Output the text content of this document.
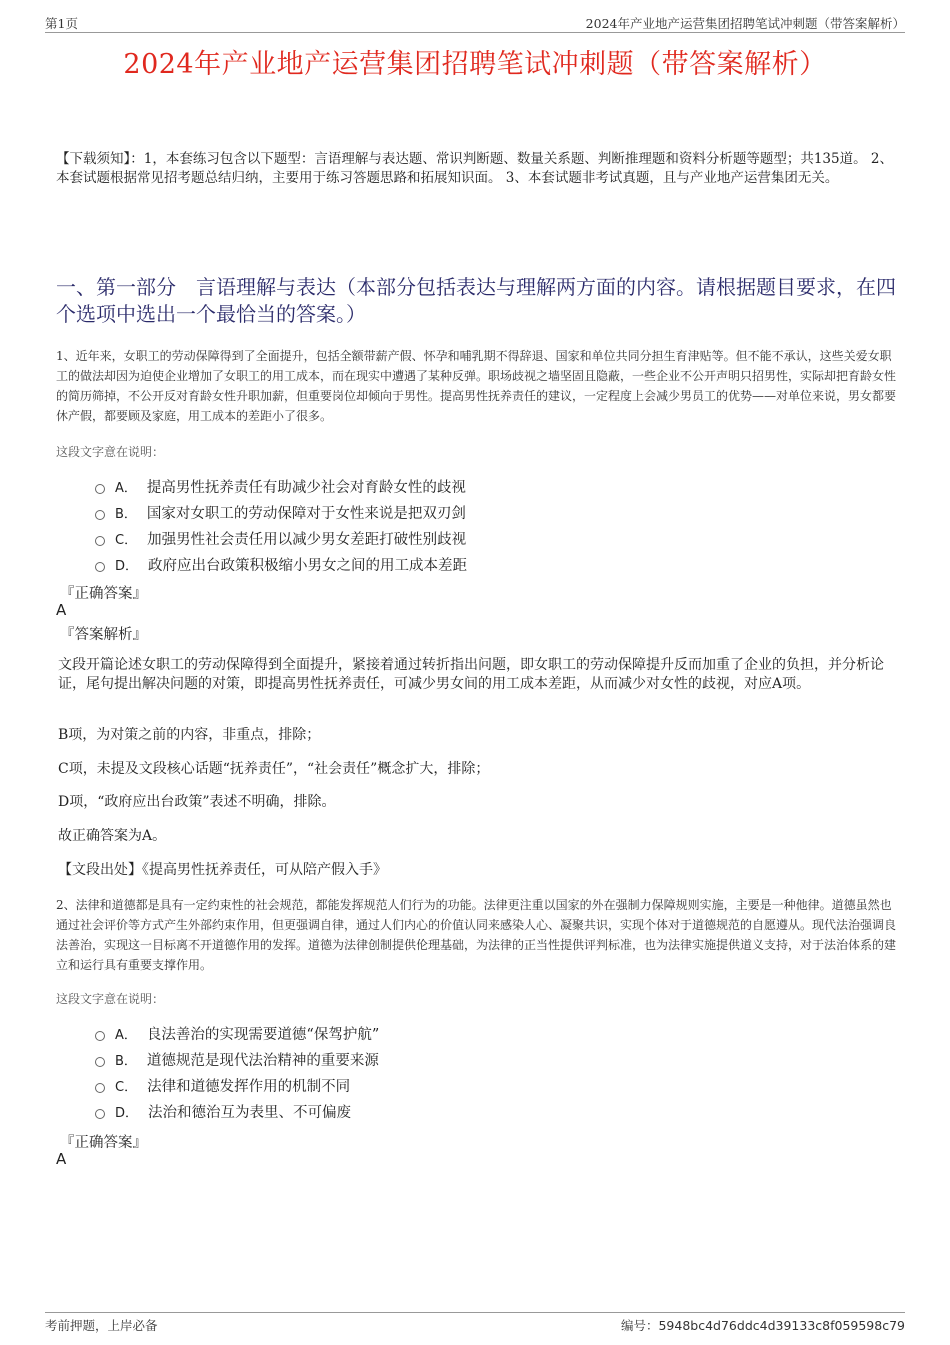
第1页	2024年产业地产运营集团招聘笔试冲刺题（带答案解析）
2024年产业地产运营集团招聘笔试冲刺题（带答案解析）
【下载须知】：1，本套练习包含以下题型：言语理解与表达题、常识判断题、数量关系题、判断推理题和资料分析题等题型；共135道。 2、本套试题根据常见招考题总结归纳，主要用于练习答题思路和拓展知识面。 3、本套试题非考试真题，且与产业地产运营集团无关。
一、第一部分　言语理解与表达（本部分包括表达与理解两方面的内容。请根据题目要求，在四个选项中选出一个最恰当的答案。）
1、近年来，女职工的劳动保障得到了全面提升，包括全额带薪产假、怀孕和哺乳期不得辞退、国家和单位共同分担生育津贴等。但不能不承认，这些关爱女职工的做法却因为迫使企业增加了女职工的用工成本，而在现实中遭遇了某种反弹。职场歧视之墙坚固且隐蔽，一些企业不公开声明只招男性，实际却把育龄女性的简历筛掉，不公开反对育龄女性升职加薪，但重要岗位却倾向于男性。提高男性抚养责任的建议，一定程度上会减少男员工的优势——对单位来说，男女都要休产假，都要顾及家庭，用工成本的差距小了很多。
这段文字意在说明：
A． 提高男性抚养责任有助减少社会对育龄女性的歧视
B． 国家对女职工的劳动保障对于女性来说是把双刃剑
C． 加强男性社会责任用以减少男女差距打破性别歧视
D． 政府应出台政策积极缩小男女之间的用工成本差距
『正确答案』
A
『答案解析』
文段开篇论述女职工的劳动保障得到全面提升，紧接着通过转折指出问题，即女职工的劳动保障提升反而加重了企业的负担，并分析论证，尾句提出解决问题的对策，即提高男性抚养责任，可减少男女间的用工成本差距，从而减少对女性的歧视，对应A项。
B项，为对策之前的内容，非重点，排除；
C项，未提及文段核心话题“抚养责任”，“社会责任”概念扩大，排除；
D项，“政府应出台政策”表述不明确，排除。
故正确答案为A。
【文段出处】《提高男性抚养责任，可从陪产假入手》
2、法律和道德都是具有一定约束性的社会规范，都能发挥规范人们行为的功能。法律更注重以国家的外在强制力保障规则实施，主要是一种他律。道德虽然也通过社会评价等方式产生外部约束作用，但更强调自律，通过人们内心的价值认同来感染人心、凝聚共识，实现个体对于道德规范的自愿遵从。现代法治强调良法善治，实现这一目标离不开道德作用的发挥。道德为法律创制提供伦理基础，为法律的正当性提供评判标准，也为法律实施提供道义支持，对于法治体系的建立和运行具有重要支撑作用。
这段文字意在说明：
A． 良法善治的实现需要道德“保驾护航”
B． 道德规范是现代法治精神的重要来源
C． 法律和道德发挥作用的机制不同
D． 法治和德治互为表里、不可偏废
『正确答案』
A
考前押题，上岸必备	编号：5948bc4d76ddc4d39133c8f059598c79
